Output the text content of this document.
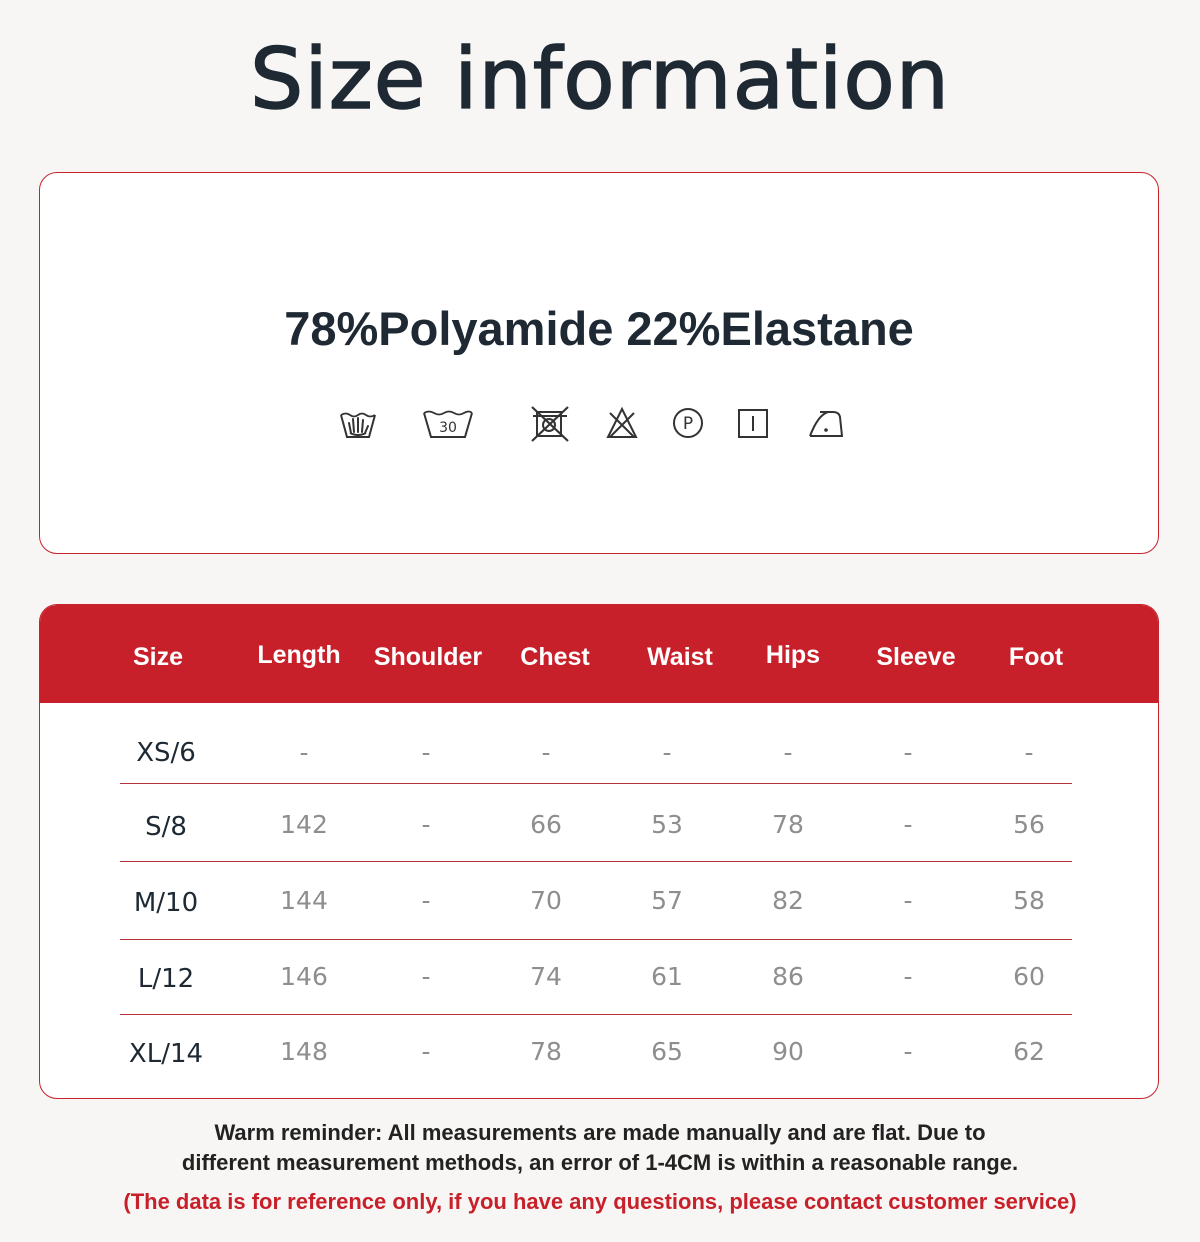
Size information
78%Polyamide 22%Elastane
30	P
Size	Length	Shoulder	Chest	Waist	Hips	Sleeve	Foot
XS/6	-	-	-	-	-	-	-
S/8	142	-	66	53	78	-	56
M/10	144	-	70	57	82	-	58
L/12	146	-	74	61	86	-	60
XL/14	148	-	78	65	90	-	62
Warm reminder: All measurements are made manually and are flat. Due to
different measurement methods, an error of 1-4CM is within a reasonable range.
(The data is for reference only, if you have any questions, please contact customer service)
